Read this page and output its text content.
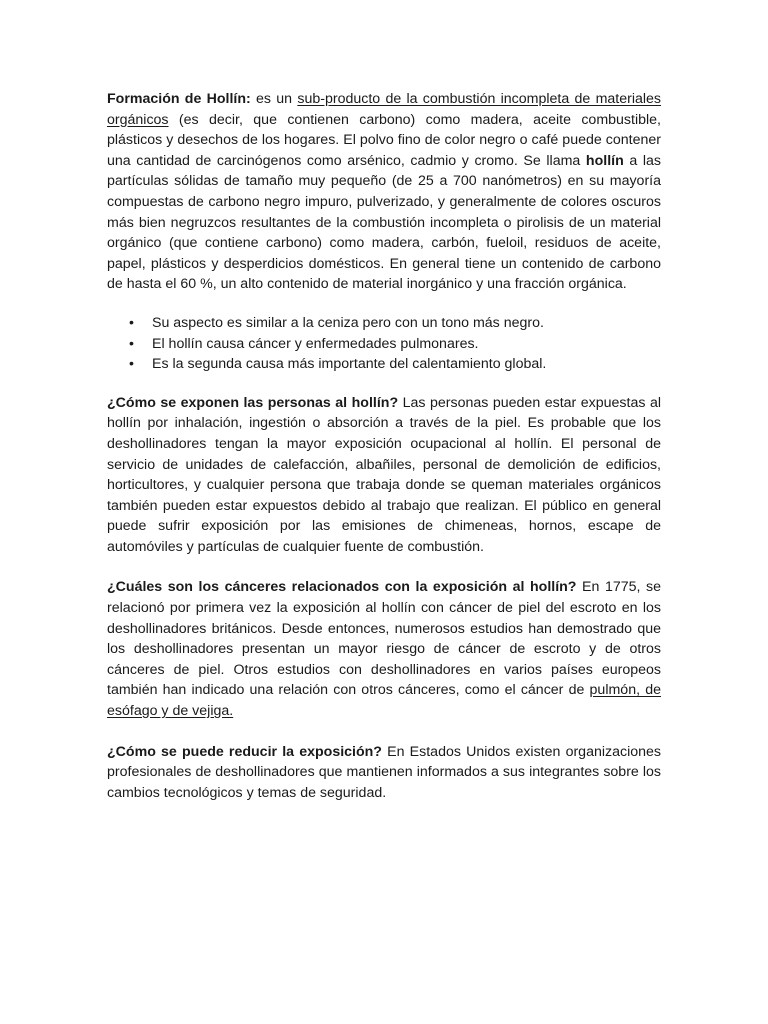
Formación de Hollín: es un sub-producto de la combustión incompleta de materiales orgánicos (es decir, que contienen carbono) como madera, aceite combustible, plásticos y desechos de los hogares. El polvo fino de color negro o café puede contener una cantidad de carcinógenos como arsénico, cadmio y cromo. Se llama hollín a las partículas sólidas de tamaño muy pequeño (de 25 a 700 nanómetros) en su mayoría compuestas de carbono negro impuro, pulverizado, y generalmente de colores oscuros más bien negruzcos resultantes de la combustión incompleta o pirolisis de un material orgánico (que contiene carbono) como madera, carbón, fueloil, residuos de aceite, papel, plásticos y desperdicios domésticos. En general tiene un contenido de carbono de hasta el 60 %, un alto contenido de material inorgánico y una fracción orgánica.

• Su aspecto es similar a la ceniza pero con un tono más negro.
• El hollín causa cáncer y enfermedades pulmonares.
• Es la segunda causa más importante del calentamiento global.

¿Cómo se exponen las personas al hollín? Las personas pueden estar expuestas al hollín por inhalación, ingestión o absorción a través de la piel. Es probable que los deshollinadores tengan la mayor exposición ocupacional al hollín. El personal de servicio de unidades de calefacción, albañiles, personal de demolición de edificios, horticultores, y cualquier persona que trabaja donde se queman materiales orgánicos también pueden estar expuestos debido al trabajo que realizan. El público en general puede sufrir exposición por las emisiones de chimeneas, hornos, escape de automóviles y partículas de cualquier fuente de combustión.

¿Cuáles son los cánceres relacionados con la exposición al hollín? En 1775, se relacionó por primera vez la exposición al hollín con cáncer de piel del escroto en los deshollinadores británicos. Desde entonces, numerosos estudios han demostrado que los deshollinadores presentan un mayor riesgo de cáncer de escroto y de otros cánceres de piel. Otros estudios con deshollinadores en varios países europeos también han indicado una relación con otros cánceres, como el cáncer de pulmón, de esófago y de vejiga.

¿Cómo se puede reducir la exposición? En Estados Unidos existen organizaciones profesionales de deshollinadores que mantienen informados a sus integrantes sobre los cambios tecnológicos y temas de seguridad.
